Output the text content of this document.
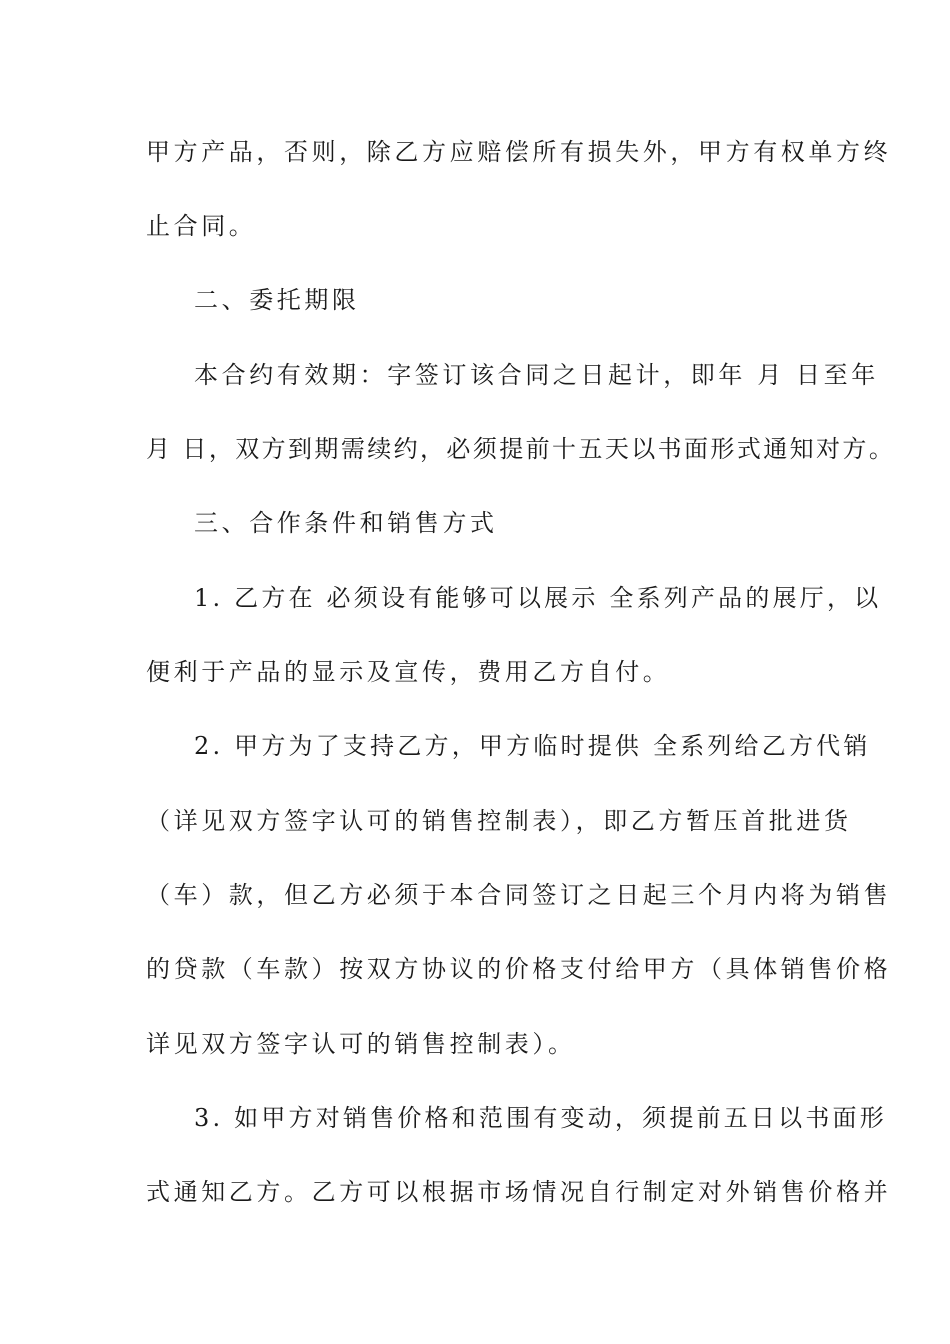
甲方产品，否则，除乙方应赔偿所有损失外，甲方有权单方终
止合同。
二、委托期限
本合约有效期：字签订该合同之日起计，即年 月 日至年
月 日，双方到期需续约，必须提前十五天以书面形式通知对方。
三、合作条件和销售方式
1. 乙方在 必须设有能够可以展示 全系列产品的展厅，以
便利于产品的显示及宣传，费用乙方自付。
2. 甲方为了支持乙方，甲方临时提供 全系列给乙方代销
（详见双方签字认可的销售控制表），即乙方暂压首批进货
（车）款，但乙方必须于本合同签订之日起三个月内将为销售
的贷款（车款）按双方协议的价格支付给甲方（具体销售价格
详见双方签字认可的销售控制表）。
3. 如甲方对销售价格和范围有变动，须提前五日以书面形
式通知乙方。乙方可以根据市场情况自行制定对外销售价格并
